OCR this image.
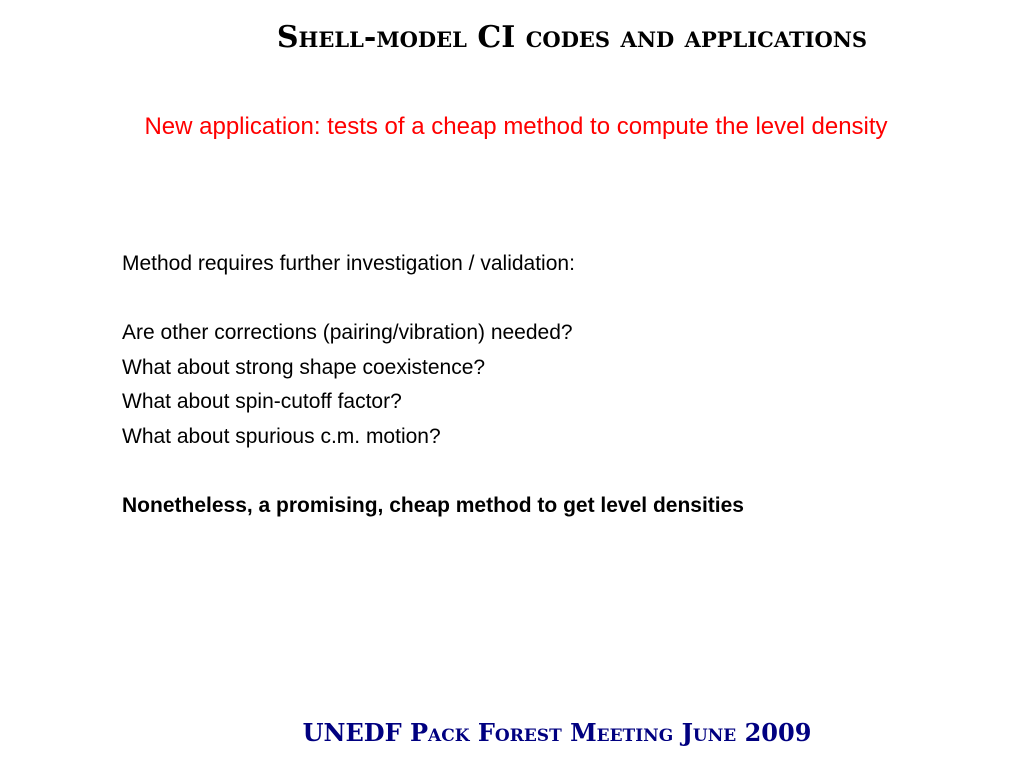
Shell-model CI codes and applications
New application: tests of a cheap method to compute the level density
Method requires further investigation / validation:
Are other corrections (pairing/vibration) needed?
What about strong shape coexistence?
What about spin-cutoff factor?
What about spurious c.m. motion?
Nonetheless, a promising, cheap method to get level densities
UNEDF Pack Forest Meeting June 2009
